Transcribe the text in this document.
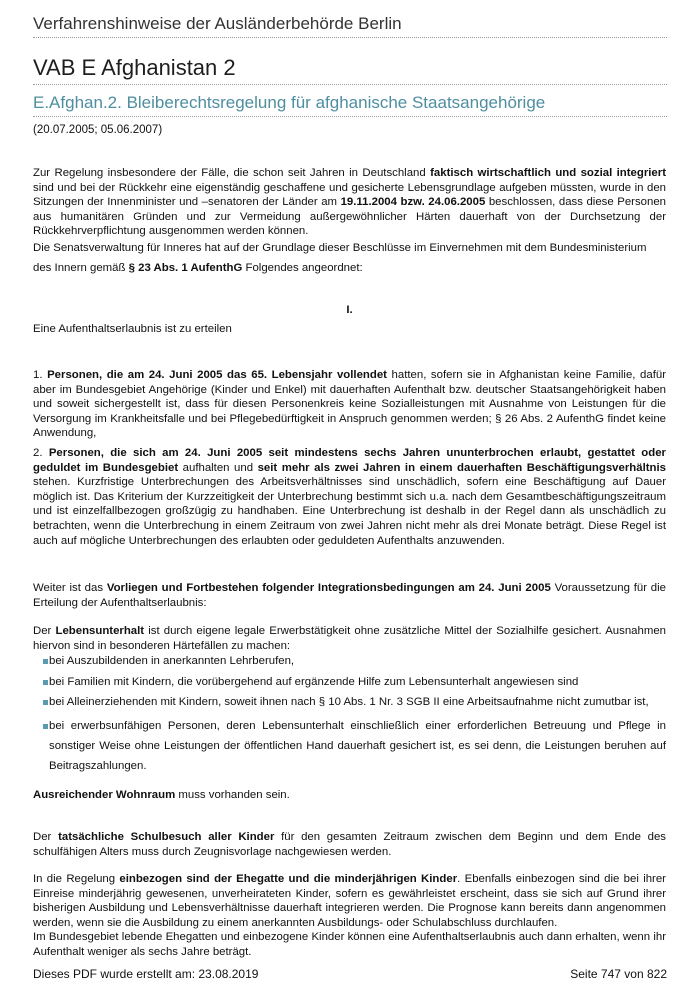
Verfahrenshinweise der Ausländerbehörde Berlin
VAB E Afghanistan 2
E.Afghan.2. Bleiberechtsregelung für afghanische Staatsangehörige
(20.07.2005; 05.06.2007)
Zur Regelung insbesondere der Fälle, die schon seit Jahren in Deutschland faktisch wirtschaftlich und sozial integriert sind und bei der Rückkehr eine eigenständig geschaffene und gesicherte Lebensgrundlage aufgeben müssten, wurde in den Sitzungen der Innenminister und –senatoren der Länder am 19.11.2004 bzw. 24.06.2005 beschlossen, dass diese Personen aus humanitären Gründen und zur Vermeidung außergewöhnlicher Härten dauerhaft von der Durchsetzung der Rückkehrverpflichtung ausgenommen werden können.
Die Senatsverwaltung für Inneres hat auf der Grundlage dieser Beschlüsse im Einvernehmen mit dem Bundesministerium
des Innern gemäß § 23 Abs. 1 AufenthG Folgendes angeordnet:
I.
Eine Aufenthaltserlaubnis ist zu erteilen
1. Personen, die am 24. Juni 2005 das 65. Lebensjahr vollendet hatten, sofern sie in Afghanistan keine Familie, dafür aber im Bundesgebiet Angehörige (Kinder und Enkel) mit dauerhaften Aufenthalt bzw. deutscher Staatsangehörigkeit haben und soweit sichergestellt ist, dass für diesen Personenkreis keine Sozialleistungen mit Ausnahme von Leistungen für die Versorgung im Krankheitsfalle und bei Pflegebedürftigkeit in Anspruch genommen werden; § 26 Abs. 2 AufenthG findet keine Anwendung,
2. Personen, die sich am 24. Juni 2005 seit mindestens sechs Jahren ununterbrochen erlaubt, gestattet oder geduldet im Bundesgebiet aufhalten und seit mehr als zwei Jahren in einem dauerhaften Beschäftigungsverhältnis stehen. Kurzfristige Unterbrechungen des Arbeitsverhältnisses sind unschädlich, sofern eine Beschäftigung auf Dauer möglich ist. Das Kriterium der Kurzzeitigkeit der Unterbrechung bestimmt sich u.a. nach dem Gesamtbeschäftigungszeitraum und ist einzelfallbezogen großzügig zu handhaben. Eine Unterbrechung ist deshalb in der Regel dann als unschädlich zu betrachten, wenn die Unterbrechung in einem Zeitraum von zwei Jahren nicht mehr als drei Monate beträgt. Diese Regel ist auch auf mögliche Unterbrechungen des erlaubten oder geduldeten Aufenthalts anzuwenden.
Weiter ist das Vorliegen und Fortbestehen folgender Integrationsbedingungen am 24. Juni 2005 Voraussetzung für die Erteilung der Aufenthaltserlaubnis:
Der Lebensunterhalt ist durch eigene legale Erwerbstätigkeit ohne zusätzliche Mittel der Sozialhilfe gesichert. Ausnahmen hiervon sind in besonderen Härtefällen zu machen:
bei Auszubildenden in anerkannten Lehrberufen,
bei Familien mit Kindern, die vorübergehend auf ergänzende Hilfe zum Lebensunterhalt angewiesen sind
bei Alleinerziehenden mit Kindern, soweit ihnen nach § 10 Abs. 1 Nr. 3 SGB II eine Arbeitsaufnahme nicht zumutbar ist,
bei erwerbsunfähigen Personen, deren Lebensunterhalt einschließlich einer erforderlichen Betreuung und Pflege in sonstiger Weise ohne Leistungen der öffentlichen Hand dauerhaft gesichert ist, es sei denn, die Leistungen beruhen auf Beitragszahlungen.
Ausreichender Wohnraum muss vorhanden sein.
Der tatsächliche Schulbesuch aller Kinder für den gesamten Zeitraum zwischen dem Beginn und dem Ende des schulfähigen Alters muss durch Zeugnisvorlage nachgewiesen werden.
In die Regelung einbezogen sind der Ehegatte und die minderjährigen Kinder. Ebenfalls einbezogen sind die bei ihrer Einreise minderjährig gewesenen, unverheirateten Kinder, sofern es gewährleistet erscheint, dass sie sich auf Grund ihrer bisherigen Ausbildung und Lebensverhältnisse dauerhaft integrieren werden. Die Prognose kann bereits dann angenommen werden, wenn sie die Ausbildung zu einem anerkannten Ausbildungs- oder Schulabschluss durchlaufen.
Im Bundesgebiet lebende Ehegatten und einbezogene Kinder können eine Aufenthaltserlaubnis auch dann erhalten, wenn ihr Aufenthalt weniger als sechs Jahre beträgt.
Dieses PDF wurde erstellt am: 23.08.2019	Seite 747 von 822
